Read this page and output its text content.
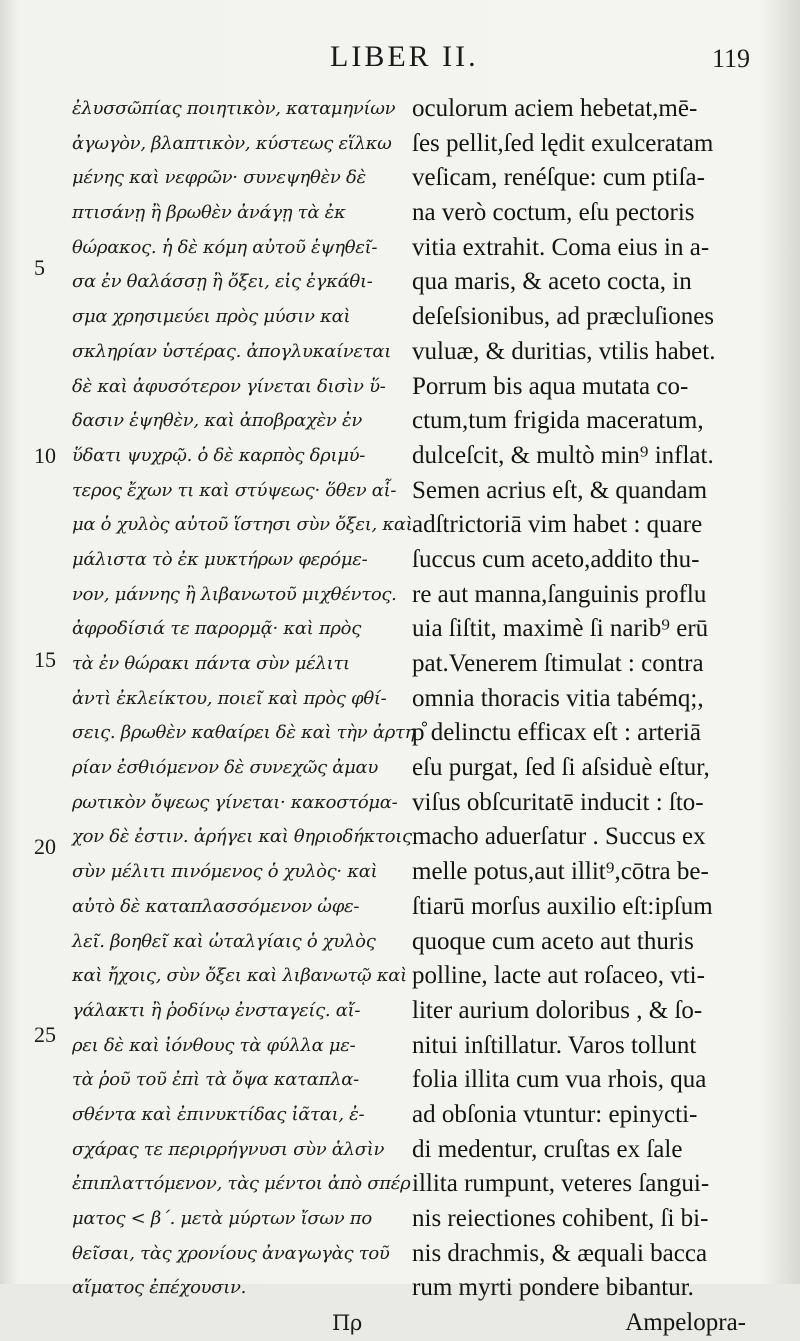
LIBER II.	119
5
10
15
20
25
ἐλυσσῶπίας ποιητικὸν, καταμηνίων
ἀγωγὸν, βλαπτικὸν, κύστεως εἵλκω
μένης καὶ νεφρῶν· συνεψηθὲν δὲ
πτισάνῃ ἢ βρωθὲν ἀνάγῃ τὰ ἐκ
θώρακος. ἡ δὲ κόμη αὐτοῦ ἑψηθεῖ-
σα ἐν θαλάσσῃ ἢ ὄξει, εἰς ἐγκάθι-
σμα χρησιμεύει πρὸς μύσιν καὶ
σκληρίαν ὑστέρας. ἀπογλυκαίνεται
δὲ καὶ ἀφυσότερον γίνεται δισὶν ὕ-
δασιν ἑψηθὲν, καὶ ἀποβραχὲν ἐν
ὕδατι ψυχρῷ. ὁ δὲ καρπὸς δριμύ-
τερος ἔχων τι καὶ στύψεως· ὅθεν αἷ-
μα ὁ χυλὸς αὐτοῦ ἵστησι σὺν ὄξει, καὶ
μάλιστα τὸ ἐκ μυκτήρων φερόμε-
νον, μάννης ἢ λιβανωτοῦ μιχθέντος.
ἀφροδίσιά τε παρορμᾷ· καὶ πρὸς
τὰ ἐν θώρακι πάντα σὺν μέλιτι
ἀντὶ ἐκλείκτου, ποιεῖ καὶ πρὸς φθί-
σεις. βρωθὲν καθαίρει δὲ καὶ τὴν ἀρτη
ρίαν ἐσθιόμενον δὲ συνεχῶς ἀμαυ
ρωτικὸν ὄψεως γίνεται· κακοστόμα-
χον δὲ ἐστιν. ἀρήγει καὶ θηριοδήκτοις
σὺν μέλιτι πινόμενος ὁ χυλὸς· καὶ
αὐτὸ δὲ καταπλασσόμενον ὠφε-
λεῖ. βοηθεῖ καὶ ὠταλγίαις ὁ χυλὸς
καὶ ἤχοις, σὺν ὄξει καὶ λιβανωτῷ καὶ
γάλακτι ἢ ῥοδίνῳ ἐνσταγείς. αἴ-
ρει δὲ καὶ ἰόνθους τὰ φύλλα με-
τὰ ῥοῦ τοῦ ἐπὶ τὰ ὄψα καταπλα-
σθέντα καὶ ἐπινυκτίδας ἰᾶται, ἐ-
σχάρας τε περιρρήγνυσι σὺν ἁλσὶν
ἐπιπλαττόμενον, τὰς μέντοι ἀπὸ σπέρ
ματος < β΄. μετὰ μύρτων ἴσων πο
θεῖσαι, τὰς χρονίους ἀναγωγὰς τοῦ
αἵματος ἐπέχουσιν.
Πρ
oculorum aciem hebetat,mē-
ſes pellit,ſed lędit exulceratam
veſicam, renéſque: cum ptiſa-
na verò coctum, eſu pectoris
vitia extrahit. Coma eius in a-
qua maris, & aceto cocta, in
deſeſsionibus, ad præcluſiones
vuluæ, & duritias, vtilis habet.
Porrum bis aqua mutata co-
ctum,tum frigida maceratum,
dulceſcit, & multò min⁹ inflat.
Semen acrius eſt, & quandam
adſtrictoriā vim habet : quare
ſuccus cum aceto,addito thu-
re aut manna,ſanguinis proflu
uia ſiſtit, maximè ſi narib⁹ erū
pat.Venerem ſtimulat : contra
omnia thoracis vitia tabémq;,
p̊ delinctu efficax eſt : arteriā
eſu purgat, ſed ſi aſsiduè eſtur,
viſus obſcuritatē inducit : ſto-
macho aduerſatur . Succus ex
melle potus,aut illit⁹,cōtra be-
ſtiarū morſus auxilio eſt:ipſum
quoque cum aceto aut thuris
polline, lacte aut roſaceo, vti-
liter aurium doloribus , & ſo-
nitui inſtillatur. Varos tollunt
folia illita cum vua rhois, qua
ad obſonia vtuntur: epinycti-
di medentur, cruſtas ex ſale
illita rumpunt, veteres ſangui-
nis reiectiones cohibent, ſi bi-
nis drachmis, & æquali bacca
rum myrti pondere bibantur.
Ampelopra-
